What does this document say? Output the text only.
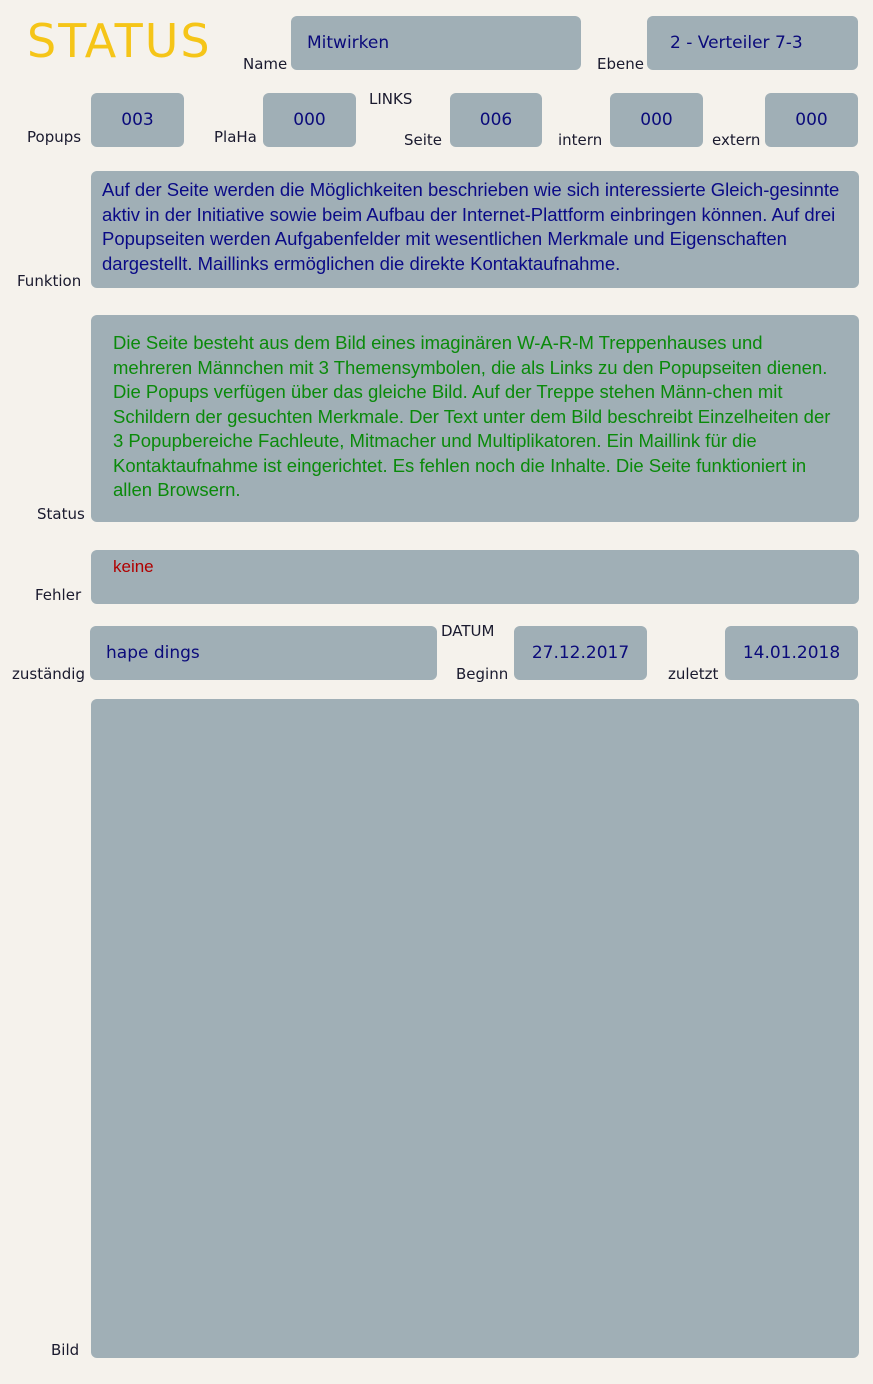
STATUS Name
Mitwirken
Ebene
2 - Verteiler 7-3
LINKS
Popups
003
PlaHa
000
Seite
006
intern
000
extern
000
Funktion
Auf der Seite werden die Möglichkeiten beschrieben wie sich interessierte Gleich-gesinnte aktiv in der Initiative sowie beim Aufbau der Internet-Plattform einbringen können. Auf drei Popupseiten werden Aufgabenfelder mit wesentlichen Merkmale und Eigenschaften dargestellt. Maillinks ermöglichen die direkte Kontaktaufnahme.
Status
Die Seite besteht aus dem Bild eines imaginären W-A-R-M Treppenhauses und mehreren Männchen mit 3 Themensymbolen, die als Links zu den Popupseiten dienen. Die Popups verfügen über das gleiche Bild. Auf der Treppe stehen Männ-chen mit Schildern der gesuchten Merkmale. Der Text unter dem Bild beschreibt Einzelheiten der 3 Popupbereiche Fachleute, Mitmacher und Multiplikatoren. Ein Maillink für die Kontaktaufnahme ist eingerichtet. Es fehlen noch die Inhalte. Die Seite funktioniert in allen Browsern.
Fehler
keine
zuständig
hape dings
DATUM
Beginn
27.12.2017
zuletzt
14.01.2018
Bild
